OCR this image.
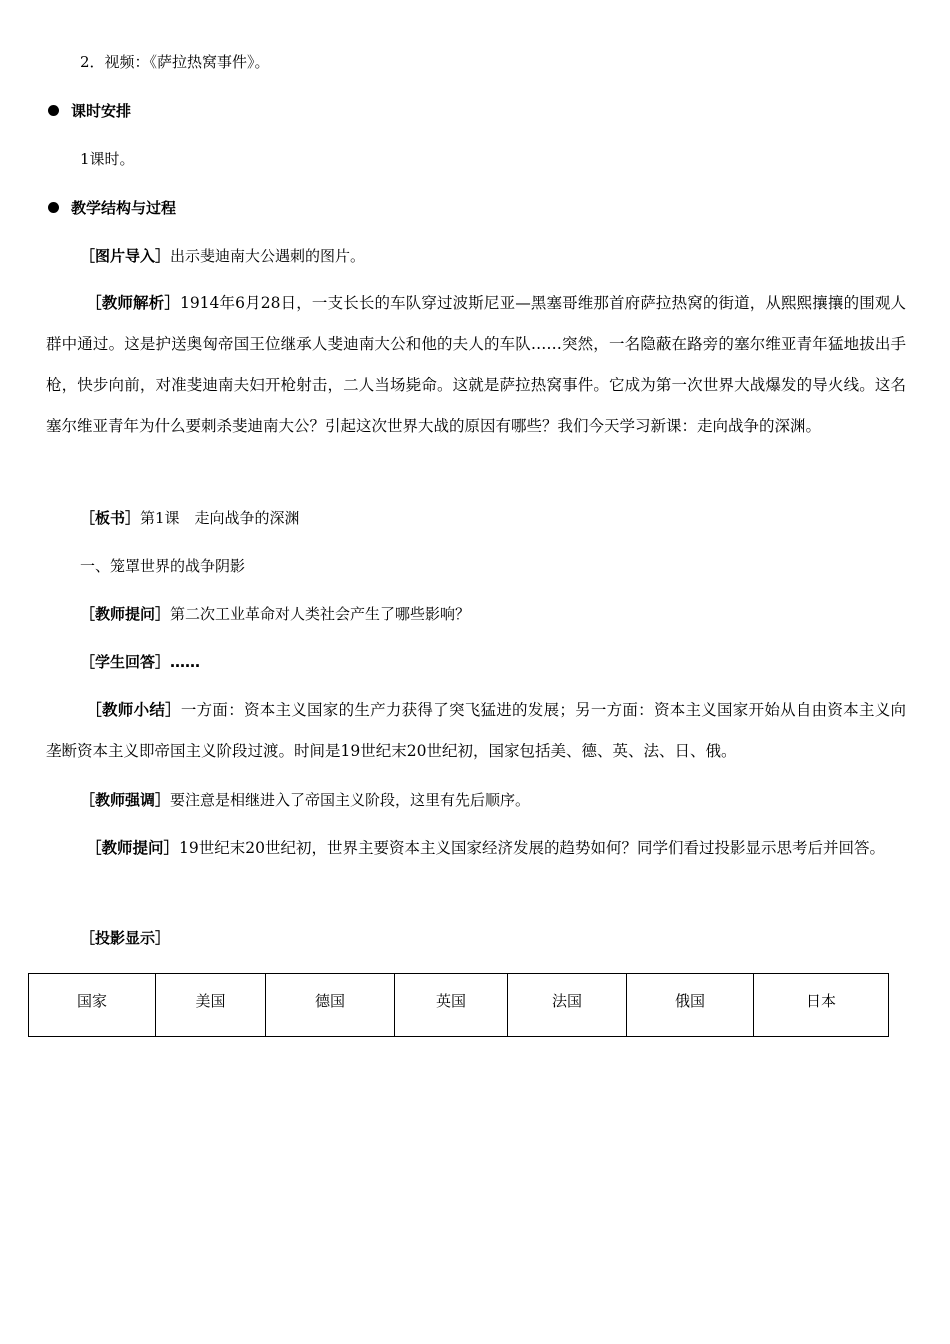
2．视频：《萨拉热窝事件》。
课时安排
1课时。
教学结构与过程
［图片导入］出示斐迪南大公遇刺的图片。
［教师解析］1914年6月28日，一支长长的车队穿过波斯尼亚—黑塞哥维那首府萨拉热窝的街道，从熙熙攘攘的围观人群中通过。这是护送奥匈帝国王位继承人斐迪南大公和他的夫人的车队……突然，一名隐蔽在路旁的塞尔维亚青年猛地拔出手枪，快步向前，对准斐迪南夫妇开枪射击，二人当场毙命。这就是萨拉热窝事件。它成为第一次世界大战爆发的导火线。这名塞尔维亚青年为什么要刺杀斐迪南大公？引起这次世界大战的原因有哪些？我们今天学习新课：走向战争的深渊。
［板书］第1课　走向战争的深渊
一、笼罩世界的战争阴影
［教师提问］第二次工业革命对人类社会产生了哪些影响？
［学生回答］……
［教师小结］一方面：资本主义国家的生产力获得了突飞猛进的发展；另一方面：资本主义国家开始从自由资本主义向垄断资本主义即帝国主义阶段过渡。时间是19世纪末20世纪初，国家包括美、德、英、法、日、俄。
［教师强调］要注意是相继进入了帝国主义阶段，这里有先后顺序。
［教师提问］19世纪末20世纪初，世界主要资本主义国家经济发展的趋势如何？同学们看过投影显示思考后并回答。
［投影显示］
国家	美国	德国	英国	法国	俄国	日本
